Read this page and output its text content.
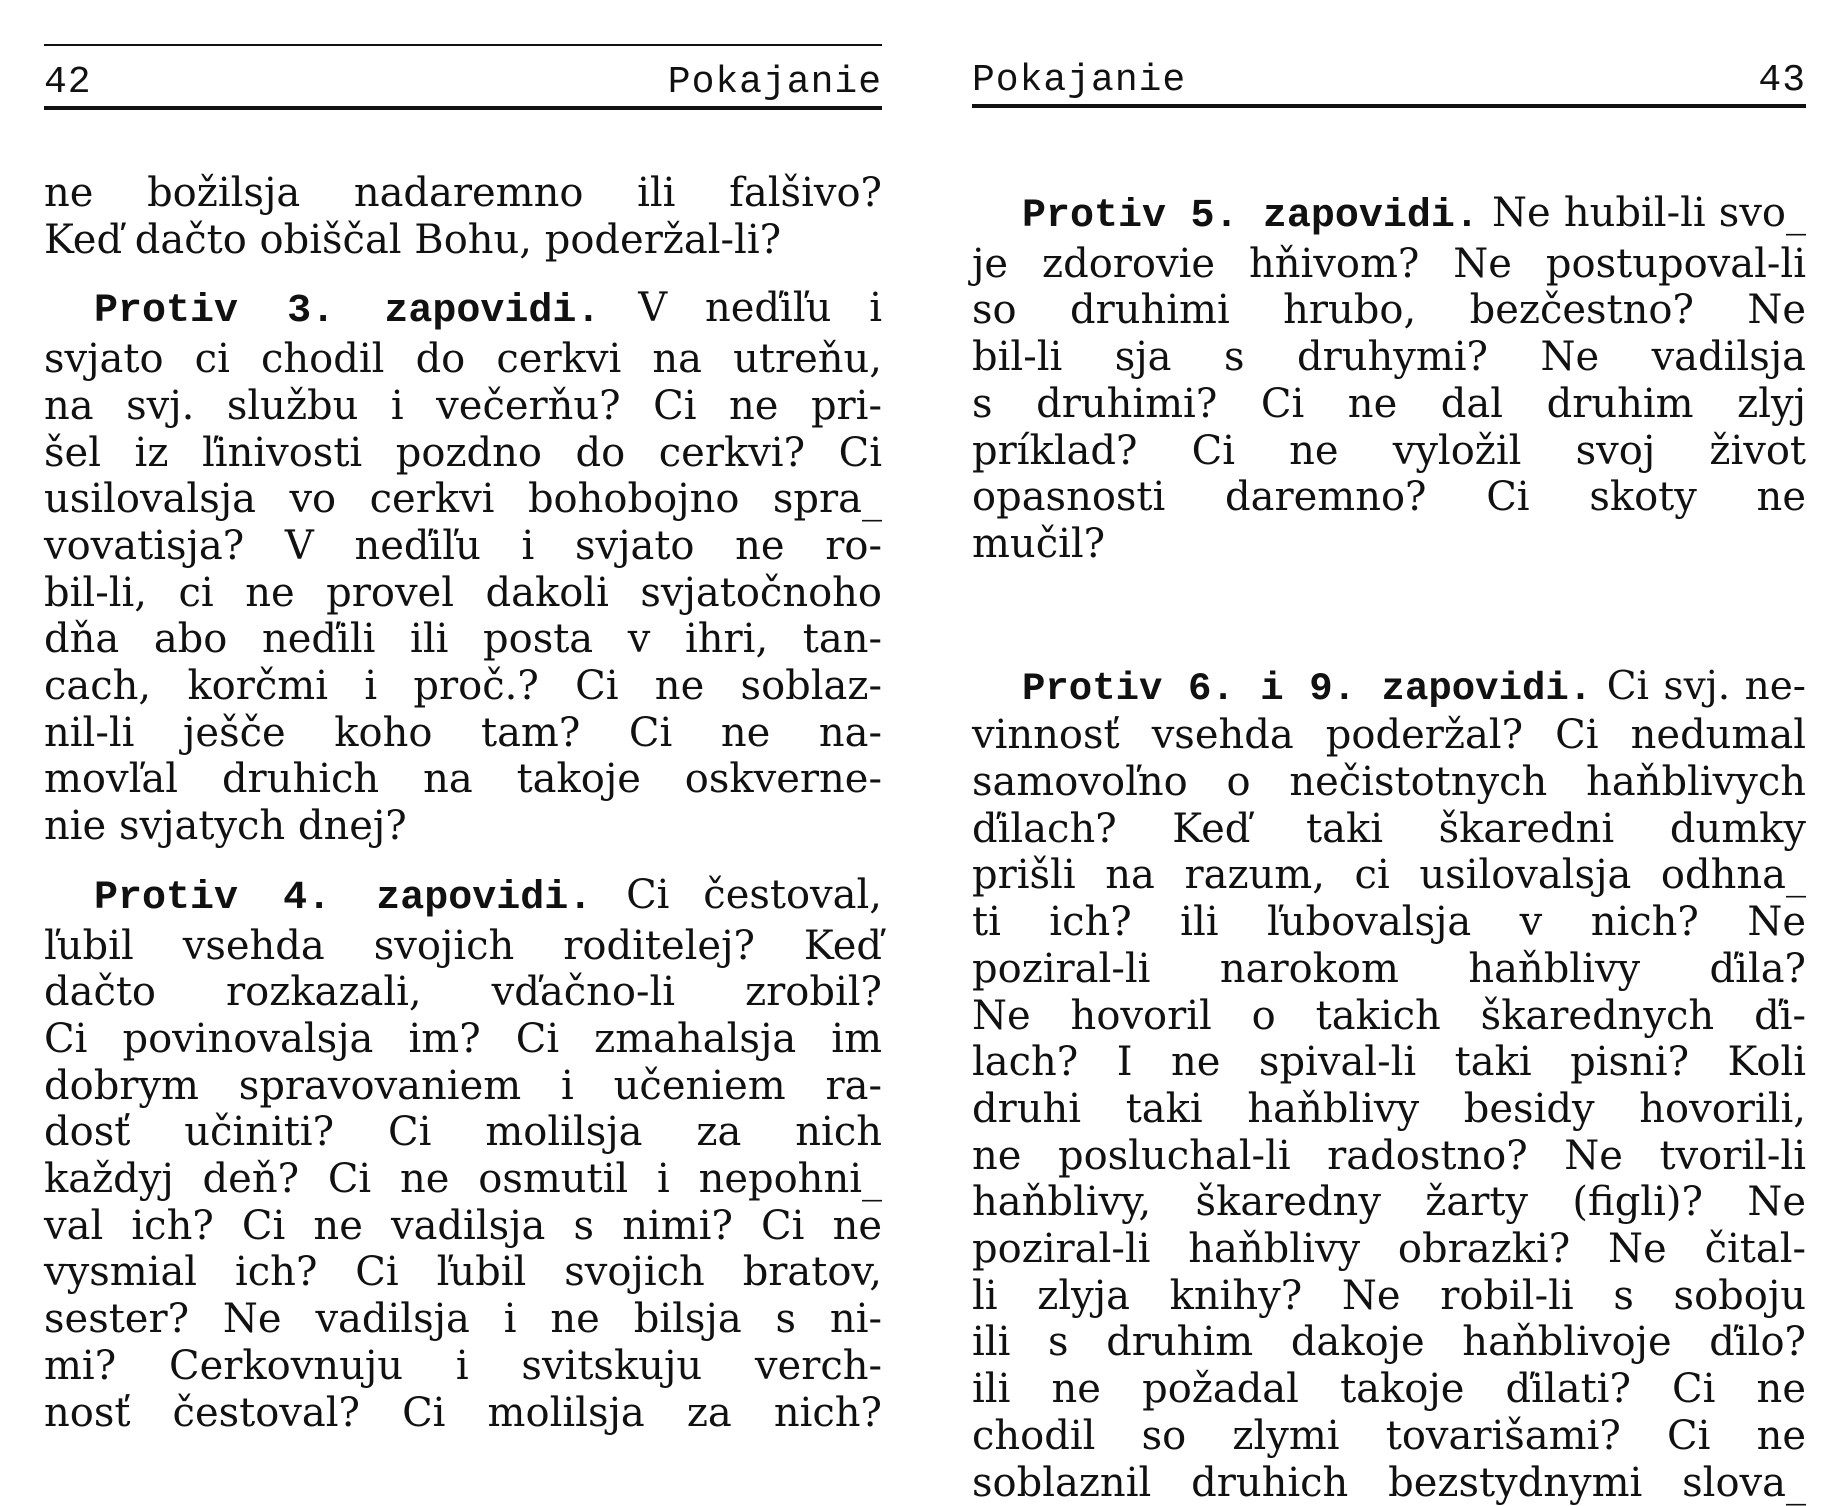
42	Pokajanie
ne božilsja nadaremno ili falšivo?
Keď dačto obiščal Bohu, poderžal-li?
Protiv 3. zapovidi. V neďiľu i
svjato ci chodil do cerkvi na utreňu,
na svj. službu i večerňu? Ci ne pri-
šel iz ľinivosti pozdno do cerkvi? Ci
usilovalsja vo cerkvi bohobojno spra_
vovatisja? V neďiľu i svjato ne ro-
bil-li, ci ne provel dakoli svjatočnoho
dňa abo neďili ili posta v ihri, tan-
cach, korčmi i proč.? Ci ne soblaz-
nil-li ješče koho tam? Ci ne na-
movľal druhich na takoje oskverne-
nie svjatych dnej?
Protiv 4. zapovidi. Ci čestoval,
ľubil vsehda svojich roditelej? Keď
dačto rozkazali, vďačno-li zrobil?
Ci povinovalsja im? Ci zmahalsja im
dobrym spravovaniem i učeniem ra-
dosť učiniti? Ci molilsja za nich
každyj deň? Ci ne osmutil i nepohni_
val ich? Ci ne vadilsja s nimi? Ci ne
vysmial ich? Ci ľubil svojich bratov,
sester? Ne vadilsja i ne bilsja s ni-
mi? Cerkovnuju i svitskuju verch-
nosť čestoval? Ci molilsja za nich?
Pokajanie	43
Protiv 5. zapovidi. Ne hubil-li svo_
je zdorovie hňivom? Ne postupoval-li
so druhimi hrubo, bezčestno? Ne
bil-li sja s druhymi? Ne vadilsja
s druhimi? Ci ne dal druhim zlyj
príklad? Ci ne vyložil svoj život
opasnosti daremno? Ci skoty ne
mučil?
Protiv 6. i 9. zapovidi. Ci svj. ne-
vinnosť vsehda poderžal? Ci nedumal
samovoľno o nečistotnych haňblivych
ďilach? Keď taki škaredni dumky
prišli na razum, ci usilovalsja odhna_
ti ich? ili ľubovalsja v nich? Ne
poziral-li narokom haňblivy ďila?
Ne hovoril o takich škarednych ďi-
lach? I ne spival-li taki pisni? Koli
druhi taki haňblivy besidy hovorili,
ne posluchal-li radostno? Ne tvoril-li
haňblivy, škaredny žarty (figli)? Ne
poziral-li haňblivy obrazki? Ne čital-
li zlyja knihy? Ne robil-li s soboju
ili s druhim dakoje haňblivoje ďilo?
ili ne požadal takoje ďilati? Ci ne
chodil so zlymi tovarišami? Ci ne
soblaznil druhich bezstydnymi slova_
